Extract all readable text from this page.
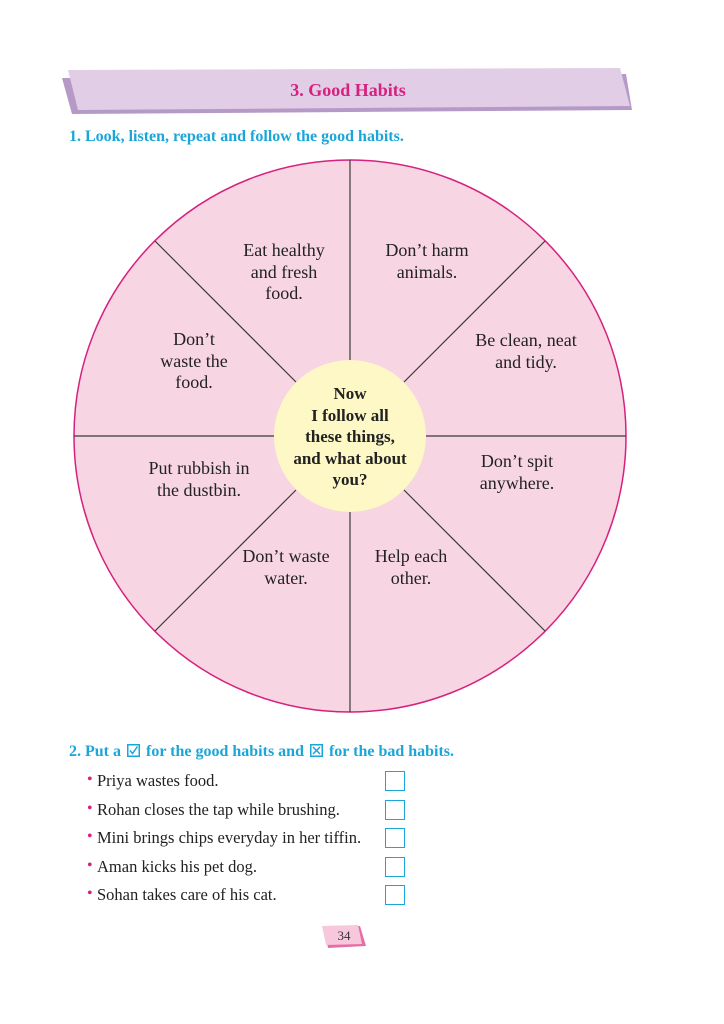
3. Good Habits
1. Look, listen, repeat and follow the good habits.
Eat healthy
and fresh
food.
Don’t harm
animals.
Be clean, neat
and tidy.
Don’t spit
anywhere.
Help each
other.
Don’t waste
water.
Put rubbish in
the dustbin.
Don’t
waste the
food.
Now
I follow all
these things,
and what about
you?
2. Put a for the good habits and ☒ for the bad habits.
• Priya wastes food.
• Rohan closes the tap while brushing.
• Mini brings chips everyday in her tiffin.
• Aman kicks his pet dog.
• Sohan takes care of his cat.
34
